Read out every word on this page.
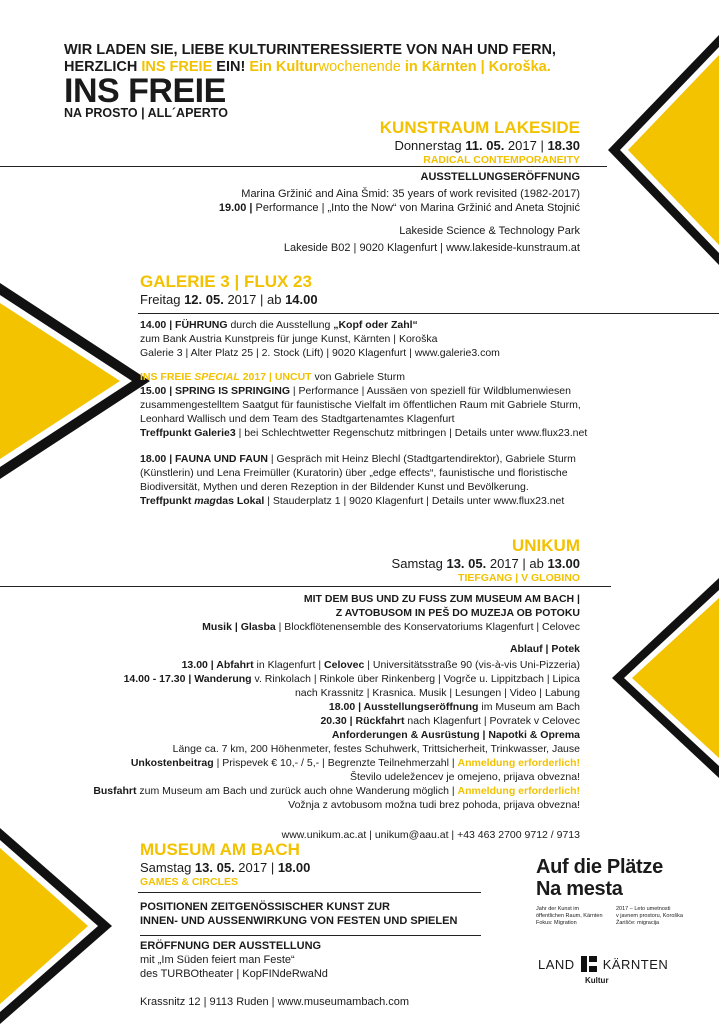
WIR LADEN SIE, LIEBE KULTURINTERESSIERTE VON NAH UND FERN,
HERZLICH INS FREIE EIN! Ein Kulturwochenende in Kärnten | Koroška.
INS FREIE
NA PROSTO | ALL´APERTO
KUNSTRAUM LAKESIDE
Donnerstag 11. 05. 2017 | 18.30
RADICAL CONTEMPORANEITY
AUSSTELLUNGSERÖFFNUNG
Marina Gržinić and Aina Šmid: 35 years of work revisited (1982-2017)
19.00 | Performance | „Into the Now“ von Marina Gržinić and Aneta Stojnić
Lakeside Science & Technology Park
Lakeside B02 | 9020 Klagenfurt | www.lakeside-kunstraum.at
GALERIE 3 | FLUX 23
Freitag 12. 05. 2017 | ab 14.00
14.00 | FÜHRUNG durch die Ausstellung „Kopf oder Zahl“
zum Bank Austria Kunstpreis für junge Kunst, Kärnten | Koroška
Galerie 3 | Alter Platz 25 | 2. Stock (Lift) | 9020 Klagenfurt | www.galerie3.com
INS FREIE SPECIAL 2017 | UNCUT von Gabriele Sturm
15.00 | SPRING IS SPRINGING | Performance | Aussäen von speziell für Wildblumenwiesen
zusammengestelltem Saatgut für faunistische Vielfalt im öffentlichen Raum mit Gabriele Sturm,
Leonhard Wallisch und dem Team des Stadtgartenamtes Klagenfurt
Treffpunkt Galerie3 | bei Schlechtwetter Regenschutz mitbringen | Details unter www.flux23.net
18.00 | FAUNA UND FAUN | Gespräch mit Heinz Blechl (Stadtgartendirektor), Gabriele Sturm
(Künstlerin) und Lena Freimüller (Kuratorin) über „edge effects“, faunistische und floristische
Biodiversität, Mythen und deren Rezeption in der Bildender Kunst und Bevölkerung.
Treffpunkt magdas Lokal | Stauderplatz 1 | 9020 Klagenfurt | Details unter www.flux23.net
UNIKUM
Samstag 13. 05. 2017 | ab 13.00
TIEFGANG | V GLOBINO
MIT DEM BUS UND ZU FUSS ZUM MUSEUM AM BACH |
Z AVTOBUSOM IN PEŠ DO MUZEJA OB POTOKU
Musik | Glasba | Blockflötenensemble des Konservatoriums Klagenfurt | Celovec
Ablauf | Potek
13.00 | Abfahrt in Klagenfurt | Celovec | Universitätsstraße 90 (vis-à-vis Uni-Pizzeria)
14.00 - 17.30 | Wanderung v. Rinkolach | Rinkole über Rinkenberg | Vogrče u. Lippitzbach | Lipica
nach Krassnitz | Krasnica. Musik | Lesungen | Video | Labung
18.00 | Ausstellungseröffnung im Museum am Bach
20.30 | Rückfahrt nach Klagenfurt | Povratek v Celovec
Anforderungen & Ausrüstung | Napotki & Oprema
Länge ca. 7 km, 200 Höhenmeter, festes Schuhwerk, Trittsicherheit, Trinkwasser, Jause
Unkostenbeitrag | Prispevek € 10,- / 5,- | Begrenzte Teilnehmerzahl | Anmeldung erforderlich!
Število udeležencev je omejeno, prijava obvezna!
Busfahrt zum Museum am Bach und zurück auch ohne Wanderung möglich | Anmeldung erforderlich!
Vožnja z avtobusom možna tudi brez pohoda, prijava obvezna!
www.unikum.ac.at | unikum@aau.at | +43 463 2700 9712 / 9713
MUSEUM AM BACH
Samstag 13. 05. 2017 | 18.00
GAMES & CIRCLES
POSITIONEN ZEITGENÖSSISCHER KUNST ZUR
INNEN- UND AUSSENWIRKUNG VON FESTEN UND SPIELEN
ERÖFFNUNG DER AUSSTELLUNG
mit „Im Süden feiert man Feste“
des TURBOtheater | KopFINdeRwaNd
Krassnitz 12 | 9113 Ruden | www.museumambach.com
Auf die Plätze
Na mesta
Jahr der Kunst im
öffentlichen Raum, Kärnten
Fokus: Migration
2017 – Leto umetnosti
v javnem prostoru, Koroška
Žarišče: migracija
LAND KÄRNTEN
Kultur
